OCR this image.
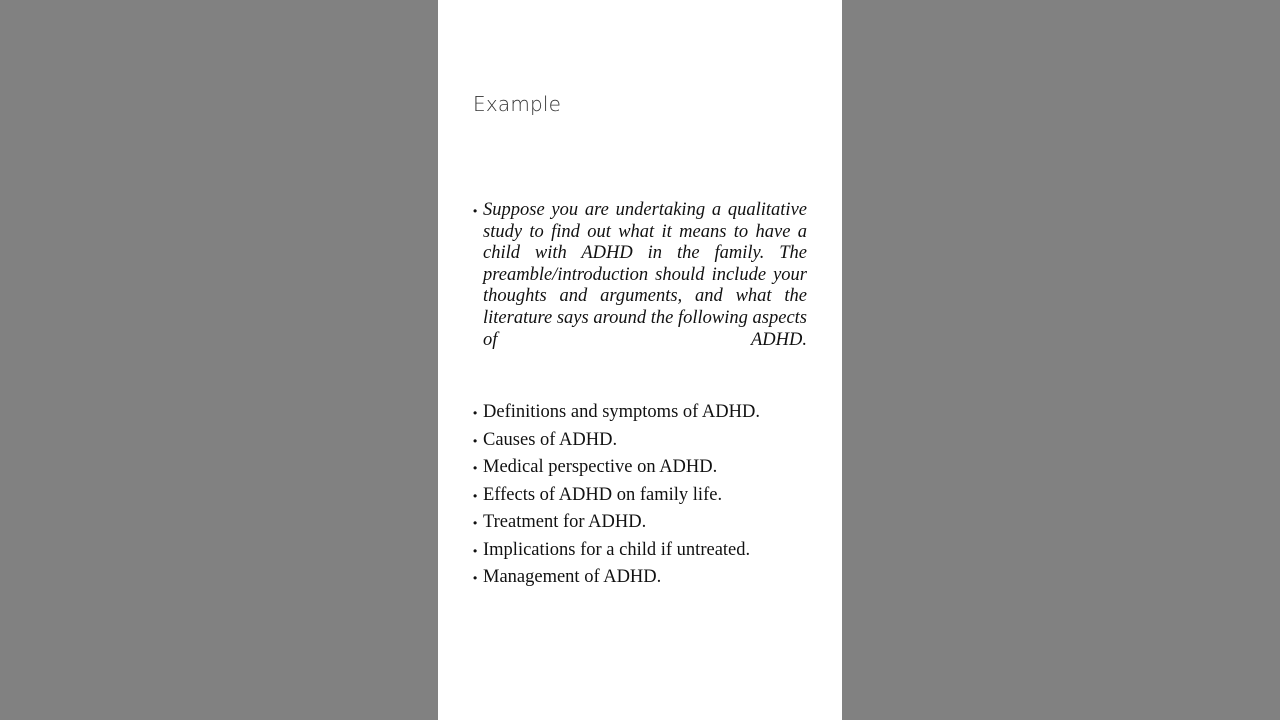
Example
• Suppose you are undertaking a qualitative study to find out what it means to have a child with ADHD in the family. The preamble/introduction should include your thoughts and arguments, and what the literature says around the following aspects of ADHD.
• Definitions and symptoms of ADHD.
• Causes of ADHD.
• Medical perspective on ADHD.
• Effects of ADHD on family life.
• Treatment for ADHD.
• Implications for a child if untreated.
• Management of ADHD.
